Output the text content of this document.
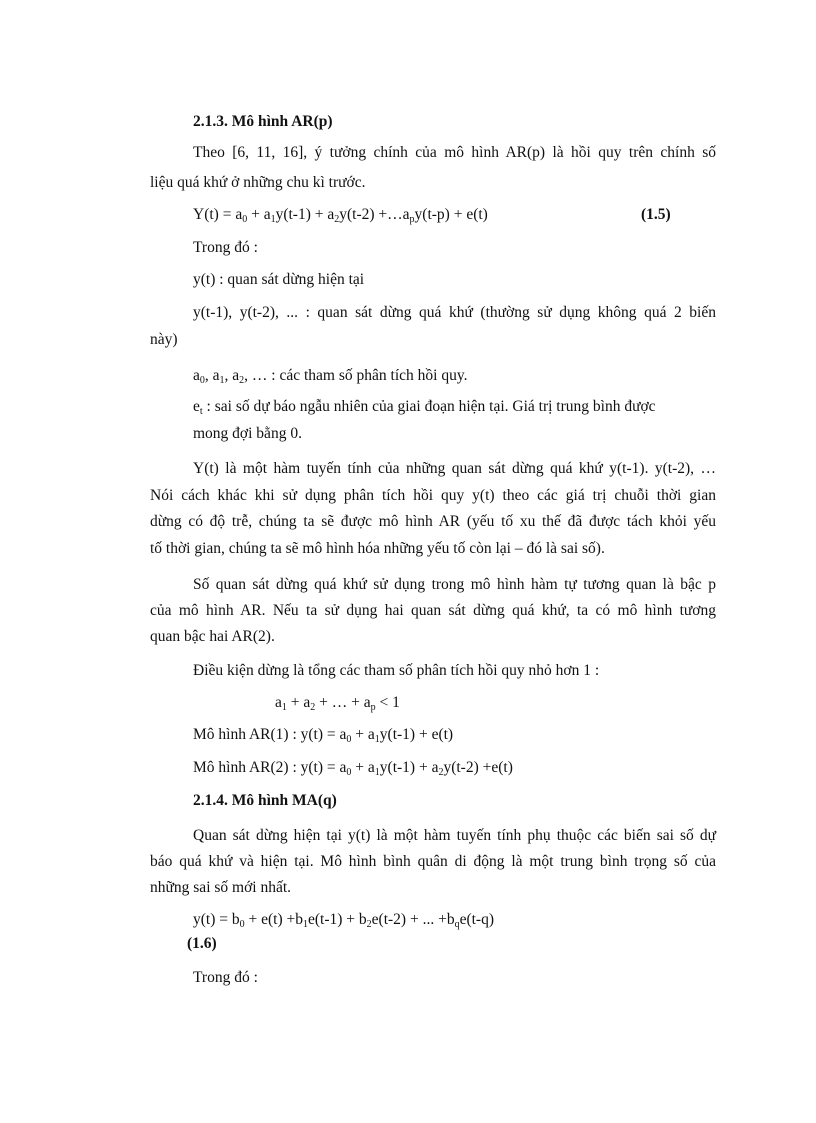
2.1.3. Mô hình AR(p)
Theo [6, 11, 16], ý tưởng chính của mô hình AR(p) là hồi quy trên chính số
liệu quá khứ ở những chu kì trước.
$Y(t) = a_0 + a_1y(t-1) + a_2y(t-2)$ $+\dots a_py(t-p) + e(t)$	(1.5)
Trong đó :
y(t) : quan sát dừng hiện tại
y(t-1), y(t-2), ... : quan sát dừng quá khứ (thường sử dụng không quá 2 biến
này)
$a_0$, $a_1$, $a_2$, … : các tham số phân tích hồi quy.
$e_t$ : sai số dự báo ngẫu nhiên của giai đoạn hiện tại. Giá trị trung bình được
mong đợi bằng 0.
Y(t) là một hàm tuyến tính của những quan sát dừng quá khứ y(t-1). y(t-2), …
Nói cách khác khi sử dụng phân tích hồi quy y(t) theo các giá trị chuỗi thời gian
dừng có độ trễ, chúng ta sẽ được mô hình AR (yếu tố xu thế đã được tách khỏi yếu
tố thời gian, chúng ta sẽ mô hình hóa những yếu tố còn lại – đó là sai số).
Số quan sát dừng quá khứ sử dụng trong mô hình hàm tự tương quan là bậc p
của mô hình AR. Nếu ta sử dụng hai quan sát dừng quá khứ, ta có mô hình tương
quan bậc hai AR(2).
Điều kiện dừng là tổng các tham số phân tích hồi quy nhỏ hơn 1 :
$a_1 + a_2$ + … + $a_p < 1$
Mô hình AR(1) : $y(t) = a_0 + a_1y(t-1) + e(t)$
Mô hình AR(2) : $y(t) = a_0 + a_1y(t-1) + a_2y(t-2) +e(t)$
2.1.4. Mô hình MA(q)
Quan sát dừng hiện tại y(t) là một hàm tuyến tính phụ thuộc các biến sai số dự
báo quá khứ và hiện tại. Mô hình bình quân di động là một trung bình trọng số của
những sai số mới nhất.
$y(t) = b_0 + e(t) +b_1e(t-1) + b_2e(t-2)$ + ... $+b_qe(t-q)$
(1.6)
Trong đó :
